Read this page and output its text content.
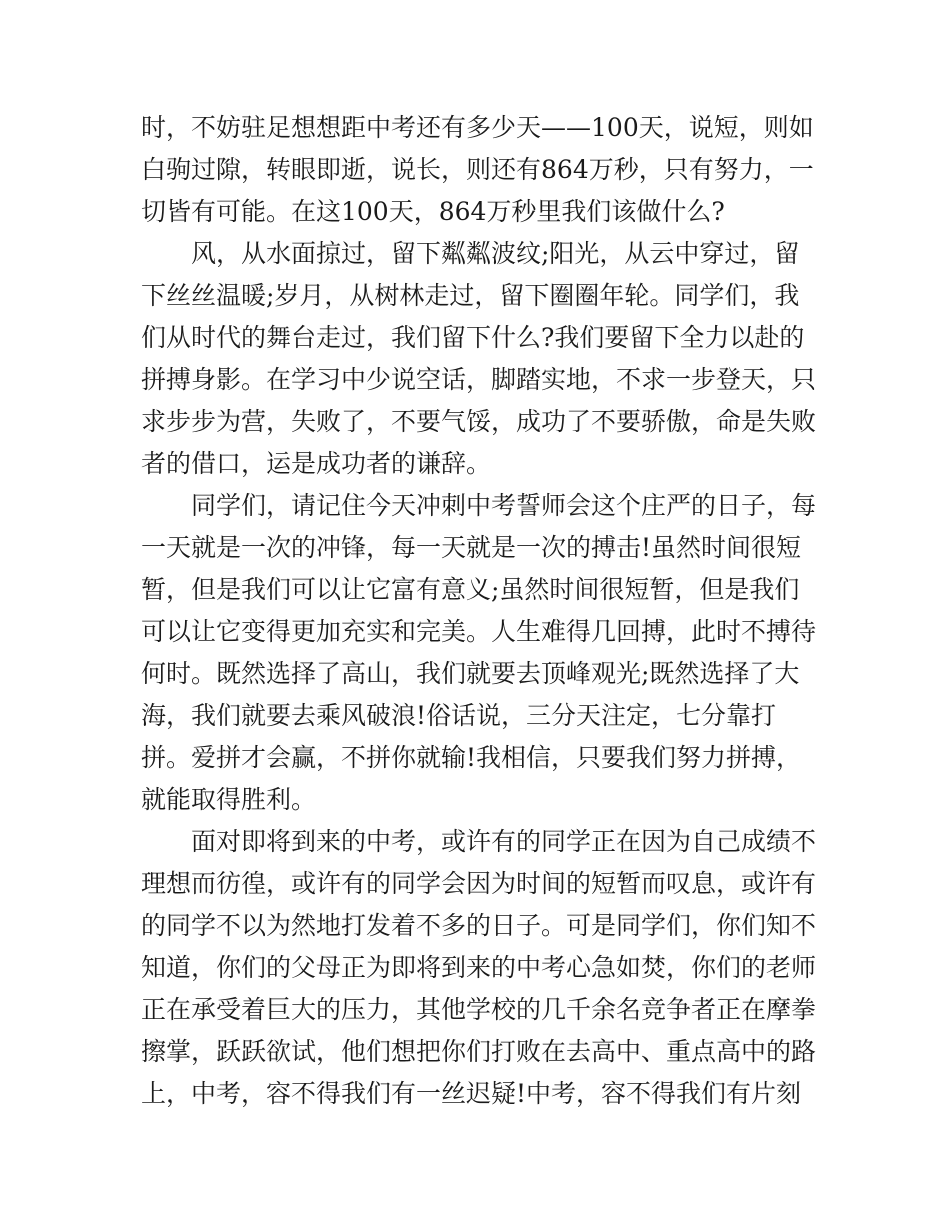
时，不妨驻足想想距中考还有多少天——100天，说短，则如
白驹过隙，转眼即逝，说长，则还有864万秒，只有努力，一
切皆有可能。在这100天，864万秒里我们该做什么?
风，从水面掠过，留下粼粼波纹;阳光，从云中穿过，留
下丝丝温暖;岁月，从树林走过，留下圈圈年轮。同学们，我
们从时代的舞台走过，我们留下什么?我们要留下全力以赴的
拼搏身影。在学习中少说空话，脚踏实地，不求一步登天，只
求步步为营，失败了，不要气馁，成功了不要骄傲，命是失败
者的借口，运是成功者的谦辞。
同学们，请记住今天冲刺中考誓师会这个庄严的日子，每
一天就是一次的冲锋，每一天就是一次的搏击!虽然时间很短
暂，但是我们可以让它富有意义;虽然时间很短暂，但是我们
可以让它变得更加充实和完美。人生难得几回搏，此时不搏待
何时。既然选择了高山，我们就要去顶峰观光;既然选择了大
海，我们就要去乘风破浪!俗话说，三分天注定，七分靠打
拼。爱拼才会赢，不拼你就输!我相信，只要我们努力拼搏，
就能取得胜利。
面对即将到来的中考，或许有的同学正在因为自己成绩不
理想而彷徨，或许有的同学会因为时间的短暂而叹息，或许有
的同学不以为然地打发着不多的日子。可是同学们，你们知不
知道，你们的父母正为即将到来的中考心急如焚，你们的老师
正在承受着巨大的压力，其他学校的几千余名竞争者正在摩拳
擦掌，跃跃欲试，他们想把你们打败在去高中、重点高中的路
上，中考，容不得我们有一丝迟疑!中考，容不得我们有片刻
